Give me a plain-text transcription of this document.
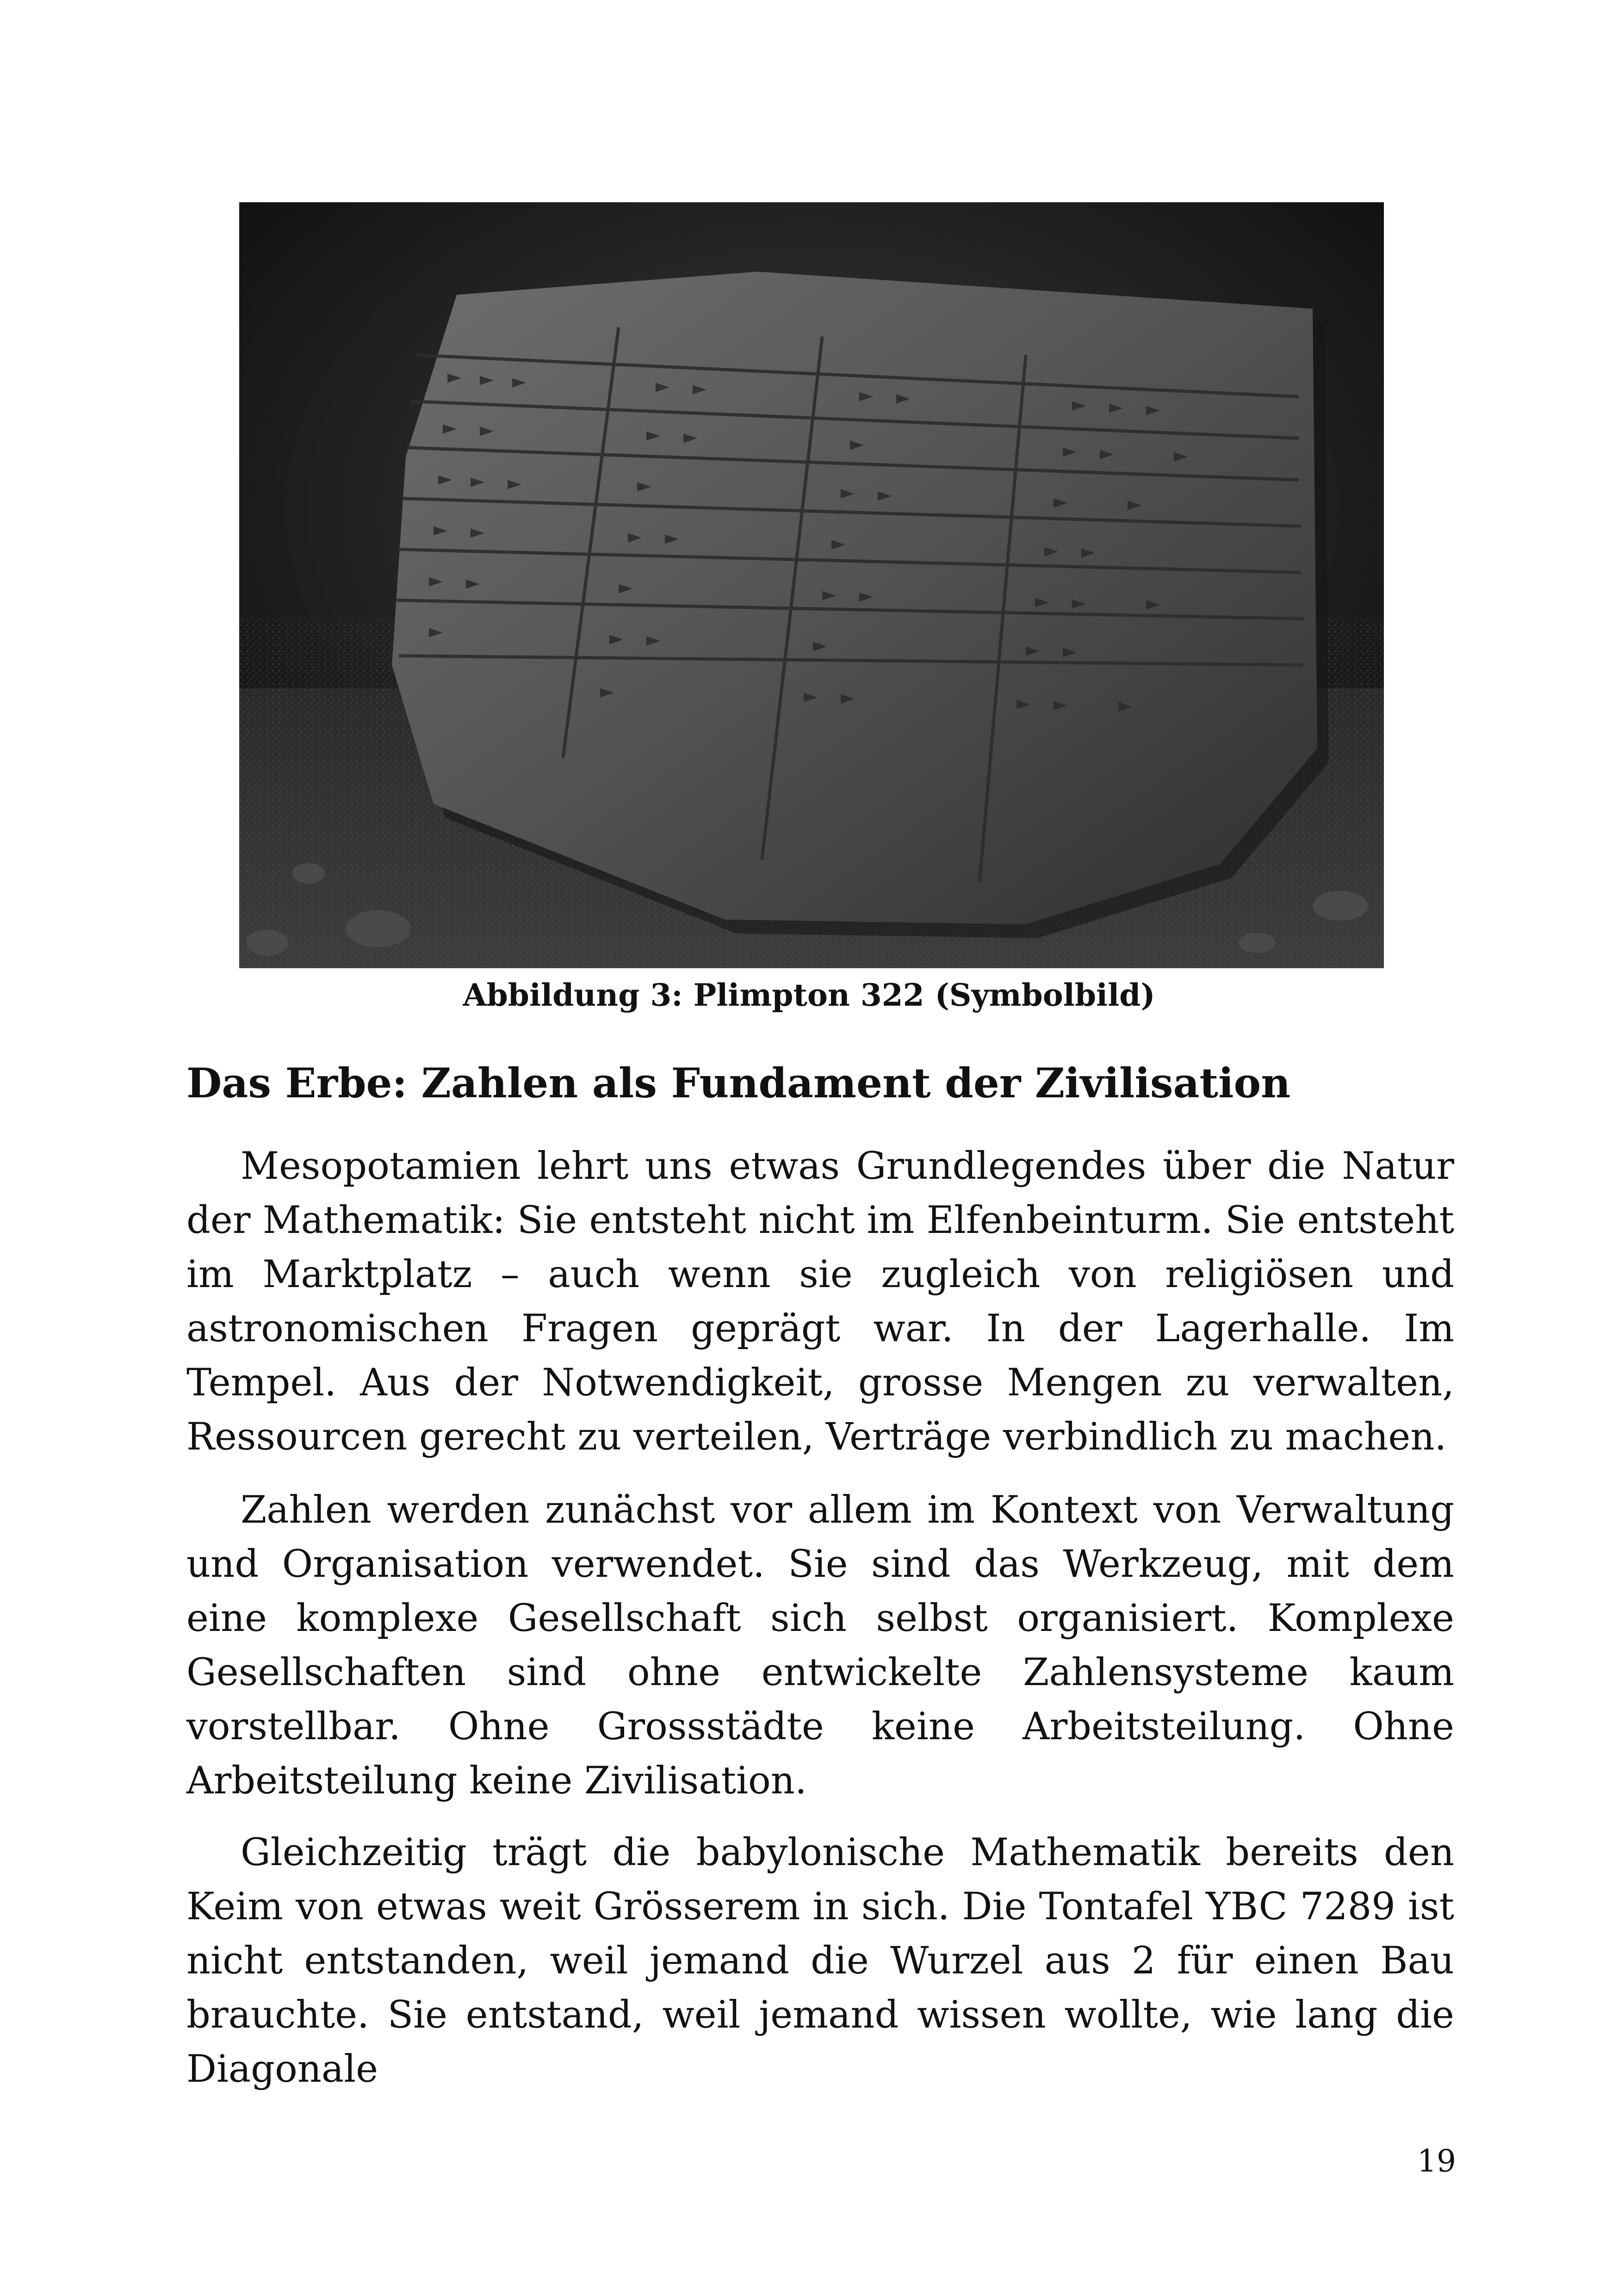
Abbildung 3: Plimpton 322 (Symbolbild)
Das Erbe: Zahlen als Fundament der Zivilisation

Mesopotamien lehrt uns etwas Grundlegendes über die Natur der Mathematik: Sie entsteht nicht im Elfenbeinturm. Sie entsteht im Marktplatz – auch wenn sie zugleich von religiösen und astronomischen Fragen geprägt war. In der Lagerhalle. Im Tempel. Aus der Notwendigkeit, grosse Mengen zu verwalten, Ressourcen gerecht zu verteilen, Verträge verbindlich zu machen.

Zahlen werden zunächst vor allem im Kontext von Verwaltung und Organisation verwendet. Sie sind das Werkzeug, mit dem eine komplexe Gesellschaft sich selbst organisiert. Komplexe Gesellschaften sind ohne entwickelte Zahlensysteme kaum vorstellbar. Ohne Grossstädte keine Arbeitsteilung. Ohne Arbeitsteilung keine Zivilisation.

Gleichzeitig trägt die babylonische Mathematik bereits den Keim von etwas weit Grösserem in sich. Die Tontafel YBC 7289 ist nicht entstanden, weil jemand die Wurzel aus 2 für einen Bau brauchte. Sie entstand, weil jemand wissen wollte, wie lang die Diagonale

19
